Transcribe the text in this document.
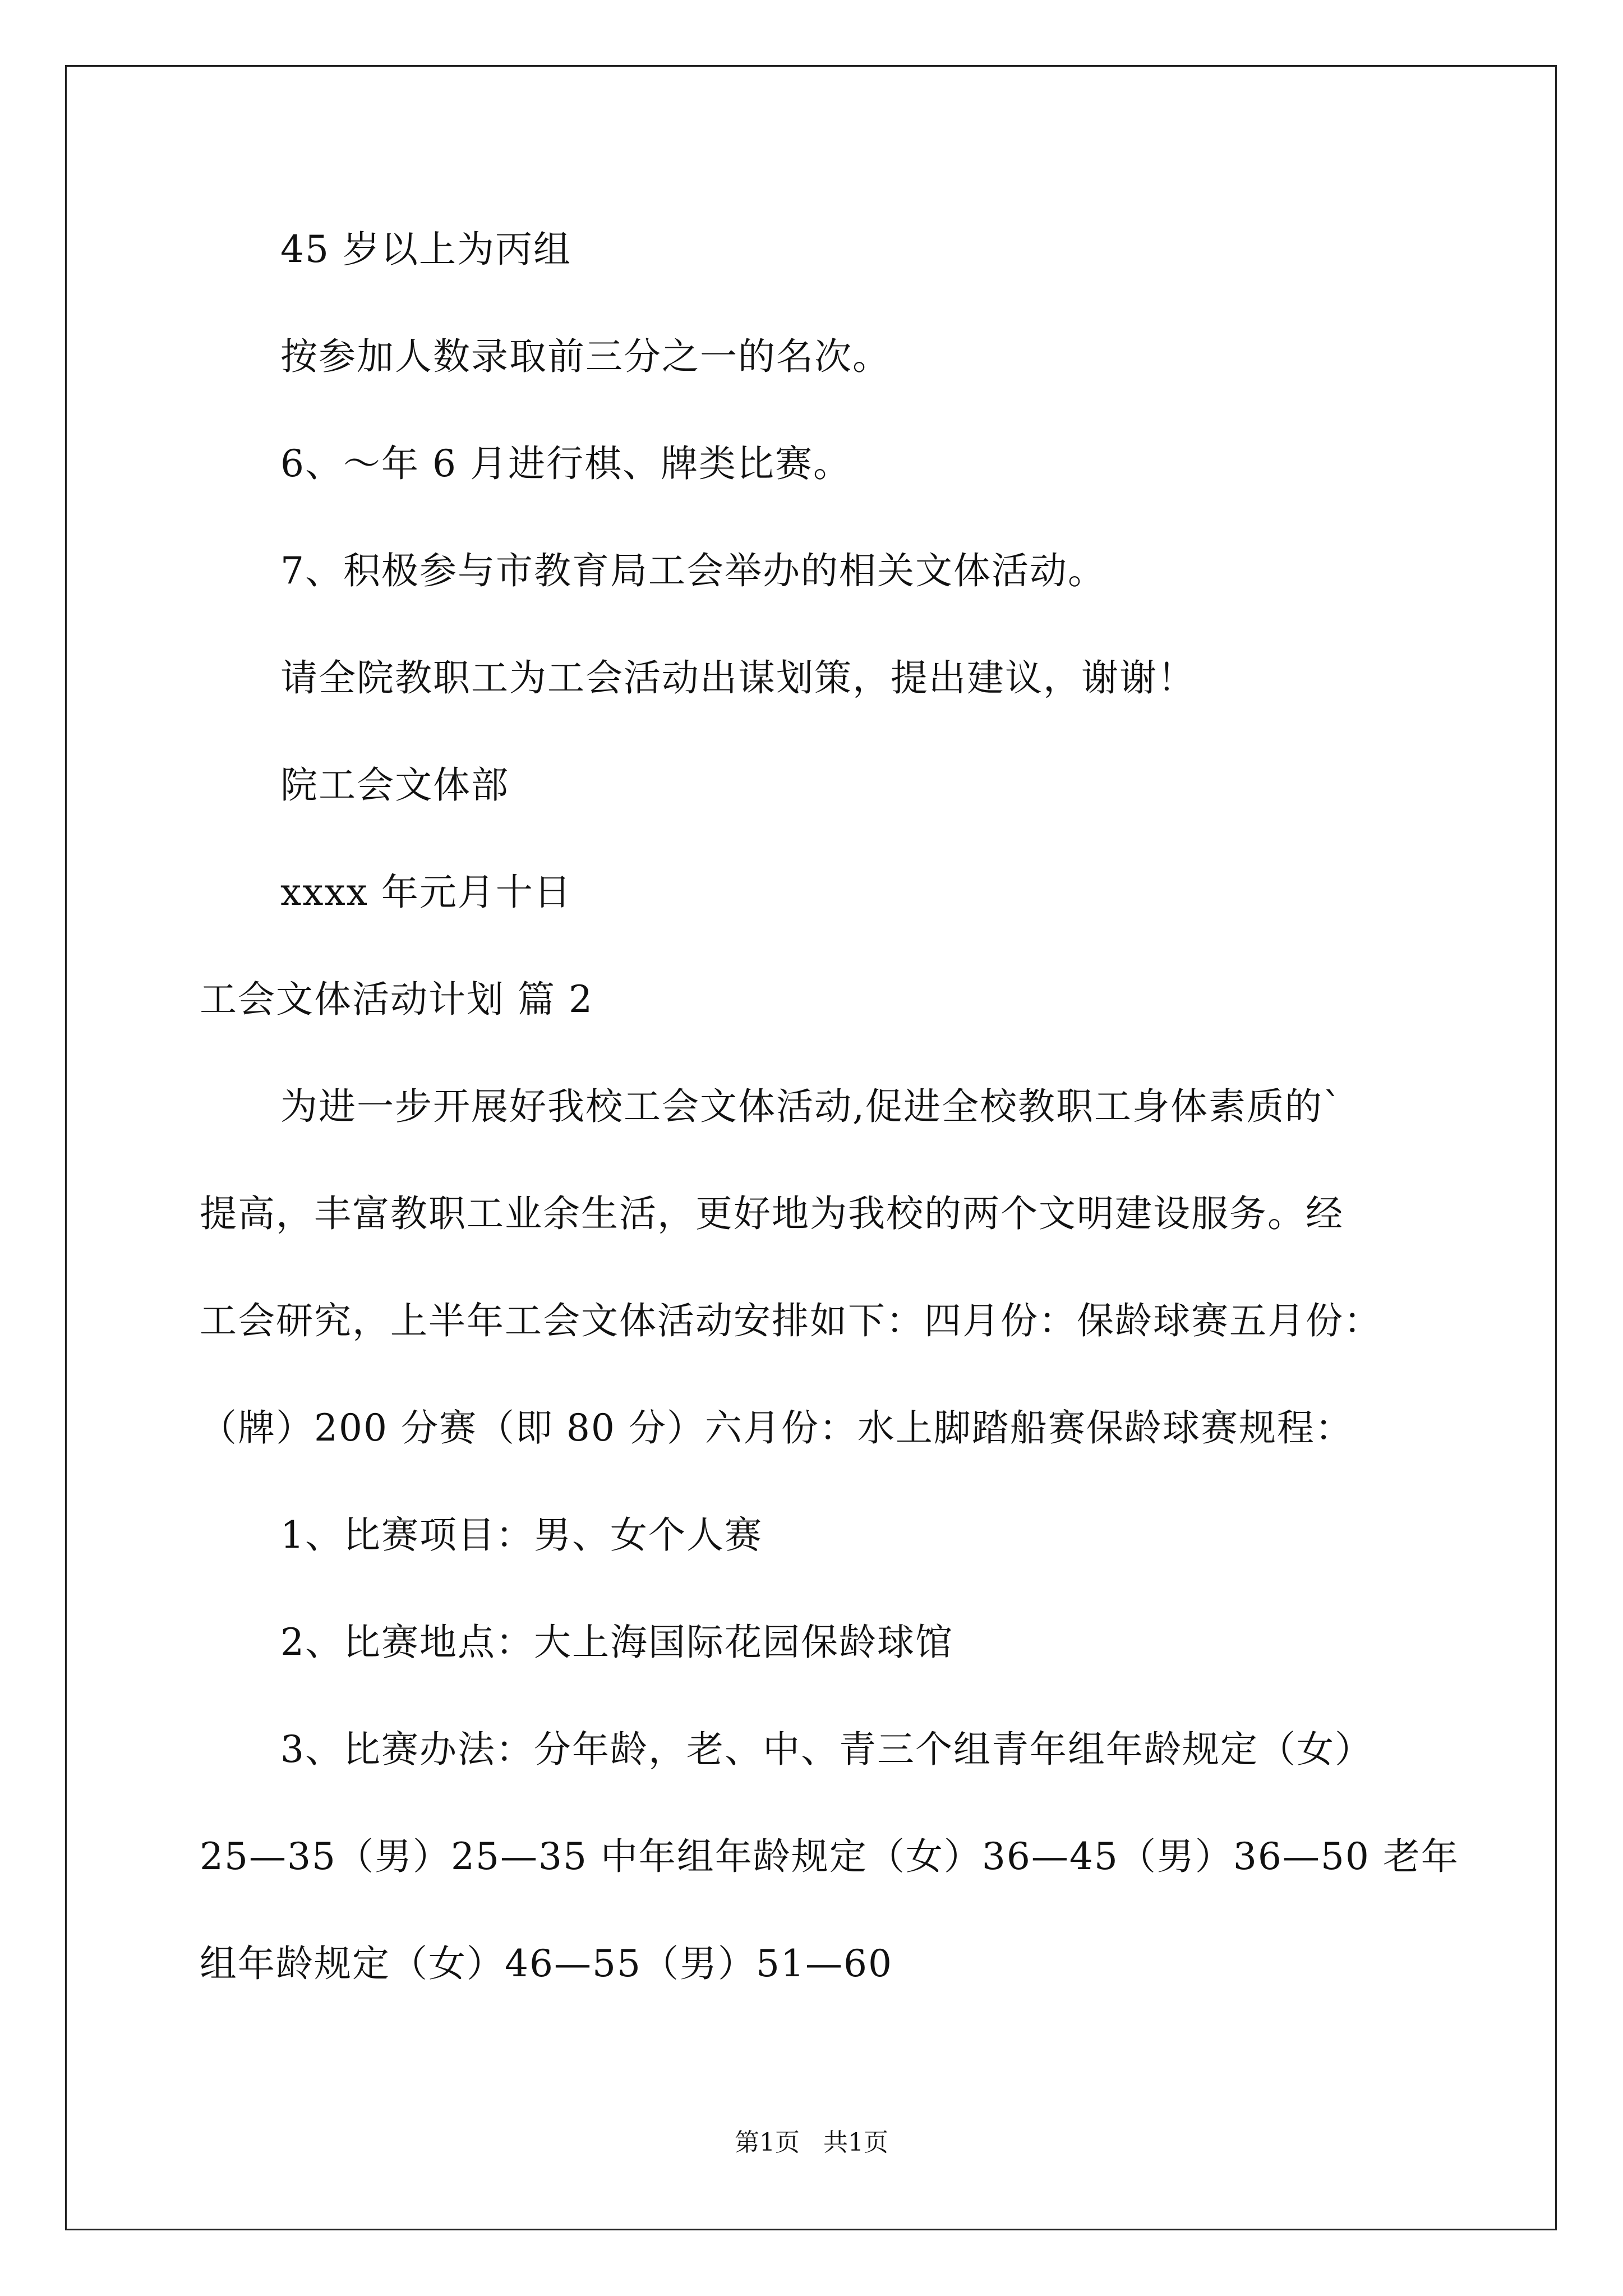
45 岁以上为丙组
按参加人数录取前三分之一的名次。
6、～年 6 月进行棋、牌类比赛。
7、积极参与市教育局工会举办的相关文体活动。
请全院教职工为工会活动出谋划策，提出建议，谢谢！
院工会文体部
xxxx 年元月十日
工会文体活动计划 篇 2
为进一步开展好我校工会文体活动,促进全校教职工身体素质的`
提高，丰富教职工业余生活，更好地为我校的两个文明建设服务。经
工会研究，上半年工会文体活动安排如下：四月份：保龄球赛五月份：
（牌）200 分赛（即 80 分）六月份：水上脚踏船赛保龄球赛规程：
1、比赛项目：男、女个人赛
2、比赛地点：大上海国际花园保龄球馆
3、比赛办法：分年龄，老、中、青三个组青年组年龄规定（女）
25—35（男）25—35 中年组年龄规定（女）36—45（男）36—50 老年
组年龄规定（女）46—55（男）51—60
第1页   共1页
